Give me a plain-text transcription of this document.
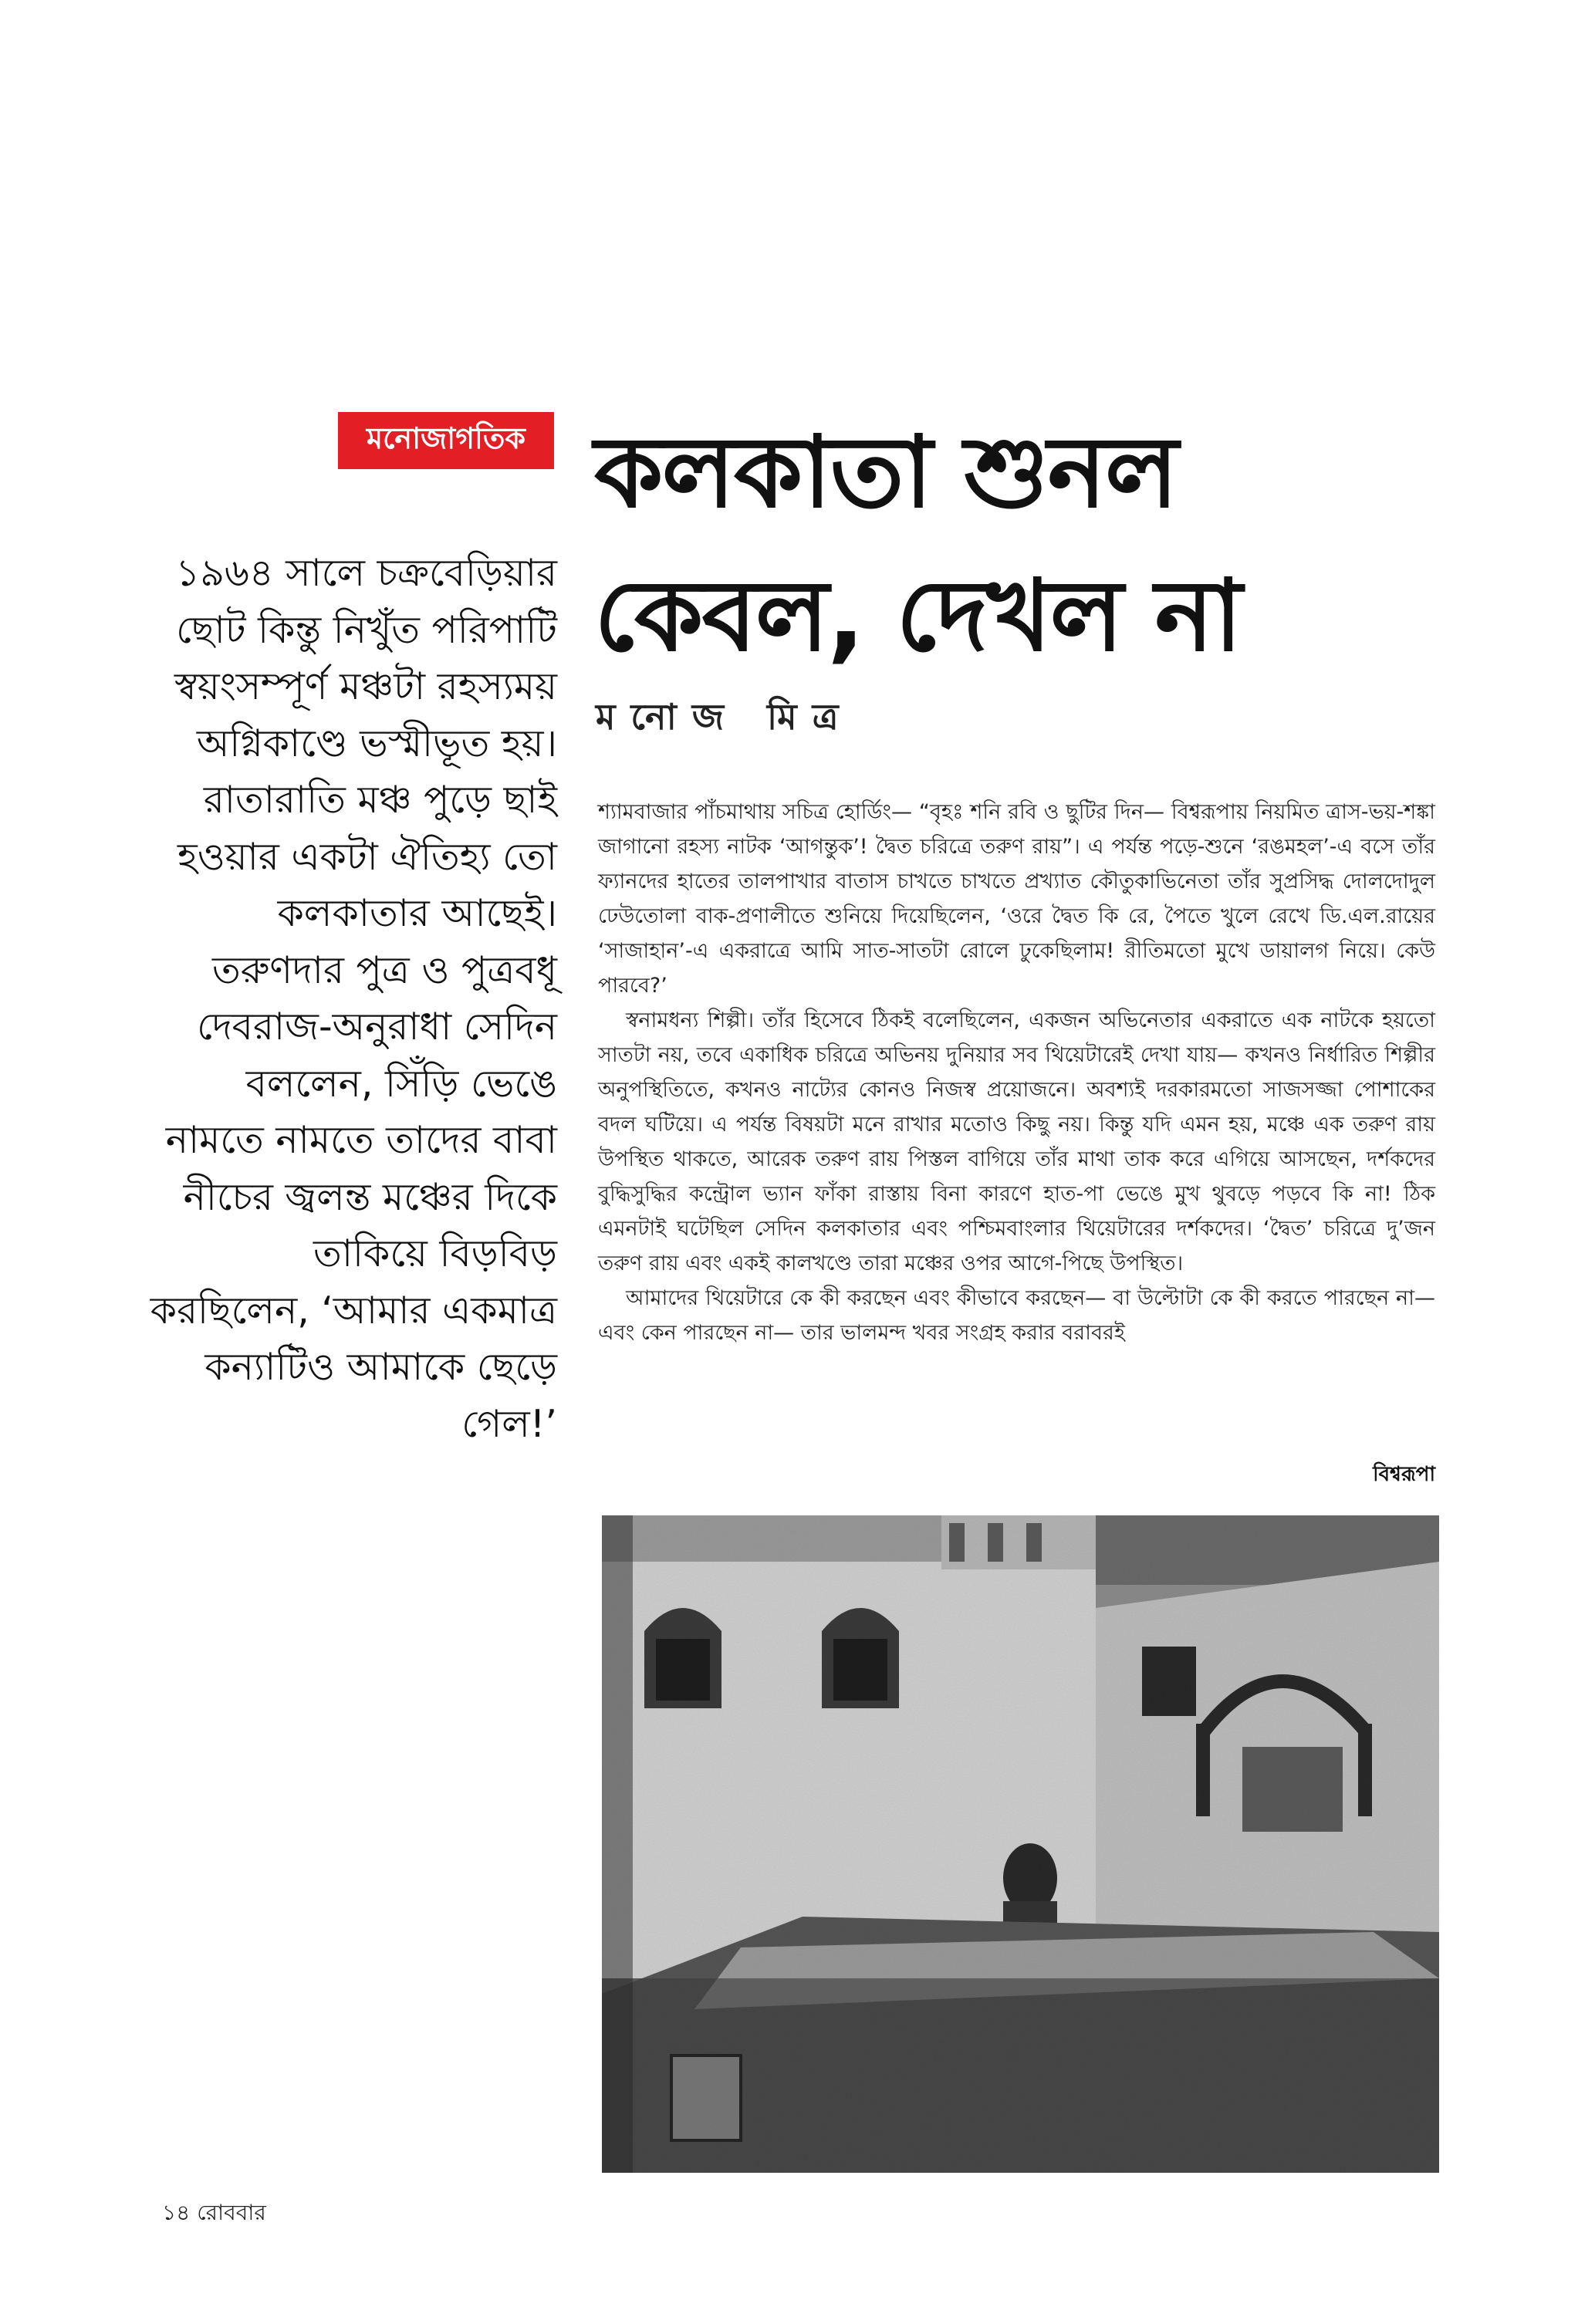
মনোজাগতিক কলকাতা শুনল
কেবল, দেখল না
মনোজ মিত্র
১৯৬৪ সালে চক্রবেড়িয়ার ছোট কিন্তু নিখুঁত পরিপাটি স্বয়ংসম্পূর্ণ মঞ্চটা রহস্যময় অগ্নিকাণ্ডে ভস্মীভূত হয়। রাতারাতি মঞ্চ পুড়ে ছাই হওয়ার একটা ঐতিহ্য তো কলকাতার আছেই। তরুণদার পুত্র ও পুত্রবধূ দেবরাজ-অনুরাধা সেদিন বললেন, সিঁড়ি ভেঙে নামতে নামতে তাদের বাবা নীচের জ্বলন্ত মঞ্চের দিকে তাকিয়ে বিড়বিড় করছিলেন, ‘আমার একমাত্র কন্যাটিও আমাকে ছেড়ে গেল!’

শ্যামবাজার পাঁচমাথায় সচিত্র হোর্ডিং— “বৃহঃ শনি রবি ও ছুটির দিন— বিশ্বরূপায় নিয়মিত ত্রাস-ভয়-শঙ্কা জাগানো রহস্য নাটক ‘আগন্তুক’! দ্বৈত চরিত্রে তরুণ রায়”। এ পর্যন্ত পড়ে-শুনে ‘রঙমহল’-এ বসে তাঁর ফ্যানদের হাতের তালপাখার বাতাস চাখতে চাখতে প্রখ্যাত কৌতুকাভিনেতা তাঁর সুপ্রসিদ্ধ দোলদোদুল ঢেউতোলা বাক-প্রণালীতে শুনিয়ে দিয়েছিলেন, ‘ওরে দ্বৈত কি রে, পৈতে খুলে রেখে ডি.এল.রায়ের ‘সাজাহান’-এ একরাত্রে আমি সাত-সাতটা রোলে ঢুকেছিলাম! রীতিমতো মুখে ডায়ালগ নিয়ে। কেউ পারবে?’

স্বনামধন্য শিল্পী। তাঁর হিসেবে ঠিকই বলেছিলেন, একজন অভিনেতার একরাতে এক নাটকে হয়তো সাতটা নয়, তবে একাধিক চরিত্রে অভিনয় দুনিয়ার সব থিয়েটারেই দেখা যায়— কখনও নির্ধারিত শিল্পীর অনুপস্থিতিতে, কখনও নাট্যের কোনও নিজস্ব প্রয়োজনে। অবশ্যই দরকারমতো সাজসজ্জা পোশাকের বদল ঘটিয়ে। এ পর্যন্ত বিষয়টা মনে রাখার মতোও কিছু নয়। কিন্তু যদি এমন হয়, মঞ্চে এক তরুণ রায় উপস্থিত থাকতে, আরেক তরুণ রায় পিস্তল বাগিয়ে তাঁর মাথা তাক করে এগিয়ে আসছেন, দর্শকদের বুদ্ধিসুদ্ধির কন্ট্রোল ভ্যান ফাঁকা রাস্তায় বিনা কারণে হাত-পা ভেঙে মুখ থুবড়ে পড়বে কি না! ঠিক এমনটাই ঘটেছিল সেদিন কলকাতার এবং পশ্চিমবাংলার থিয়েটারের দর্শকদের। ‘দ্বৈত’ চরিত্রে দু’জন তরুণ রায় এবং একই কালখণ্ডে তারা মঞ্চের ওপর আগে-পিছে উপস্থিত।

আমাদের থিয়েটারে কে কী করছেন এবং কীভাবে করছেন— বা উল্টোটা কে কী করতে পারছেন না— এবং কেন পারছেন না— তার ভালমন্দ খবর সংগ্রহ করার বরাবরই

বিশ্বরূপা
১৪ রোববার
